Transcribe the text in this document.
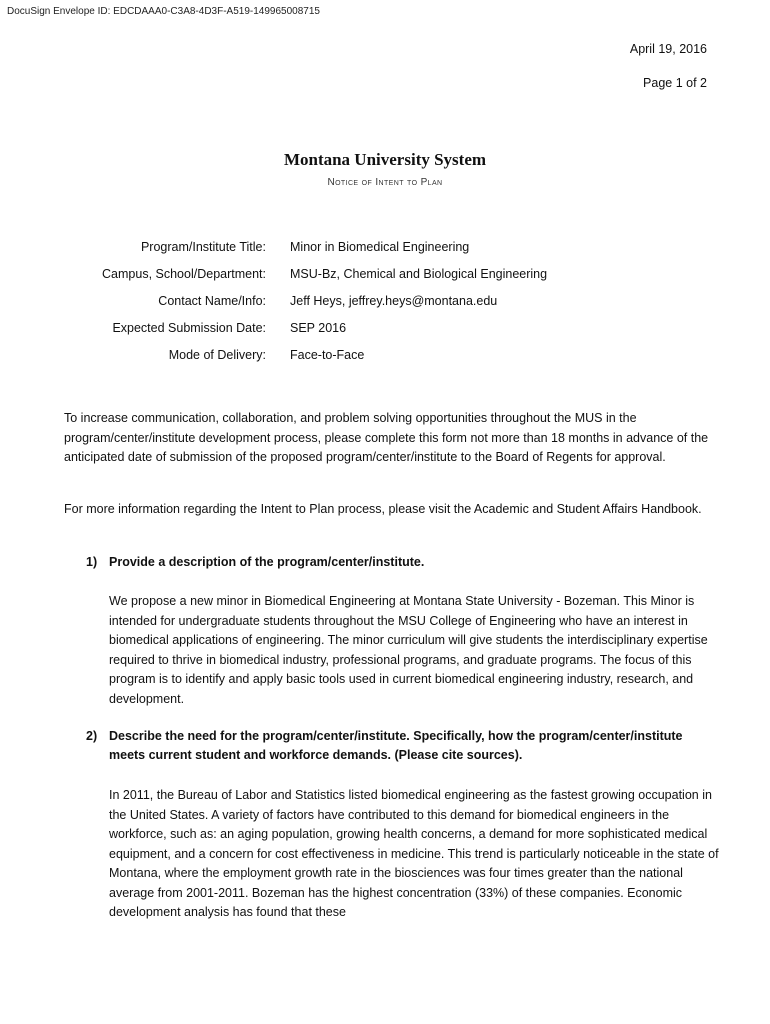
DocuSign Envelope ID: EDCDAAA0-C3A8-4D3F-A519-149965008715
April 19, 2016
Page 1 of 2
Montana University System
Notice of Intent to Plan
Program/Institute Title: Minor in Biomedical Engineering
Campus, School/Department: MSU-Bz, Chemical and Biological Engineering
Contact Name/Info: Jeff Heys, jeffrey.heys@montana.edu
Expected Submission Date: SEP 2016
Mode of Delivery: Face-to-Face

To increase communication, collaboration, and problem solving opportunities throughout the MUS in the program/center/institute development process, please complete this form not more than 18 months in advance of the anticipated date of submission of the proposed program/center/institute to the Board of Regents for approval.

For more information regarding the Intent to Plan process, please visit the Academic and Student Affairs Handbook.

1) Provide a description of the program/center/institute.

We propose a new minor in Biomedical Engineering at Montana State University - Bozeman. This Minor is intended for undergraduate students throughout the MSU College of Engineering who have an interest in biomedical applications of engineering. The minor curriculum will give students the interdisciplinary expertise required to thrive in biomedical industry, professional programs, and graduate programs. The focus of this program is to identify and apply basic tools used in current biomedical engineering industry, research, and development.

2) Describe the need for the program/center/institute. Specifically, how the program/center/institute meets current student and workforce demands. (Please cite sources).

In 2011, the Bureau of Labor and Statistics listed biomedical engineering as the fastest growing occupation in the United States. A variety of factors have contributed to this demand for biomedical engineers in the workforce, such as: an aging population, growing health concerns, a demand for more sophisticated medical equipment, and a concern for cost effectiveness in medicine. This trend is particularly noticeable in the state of Montana, where the employment growth rate in the biosciences was four times greater than the national average from 2001-2011. Bozeman has the highest concentration (33%) of these companies. Economic development analysis has found that these
